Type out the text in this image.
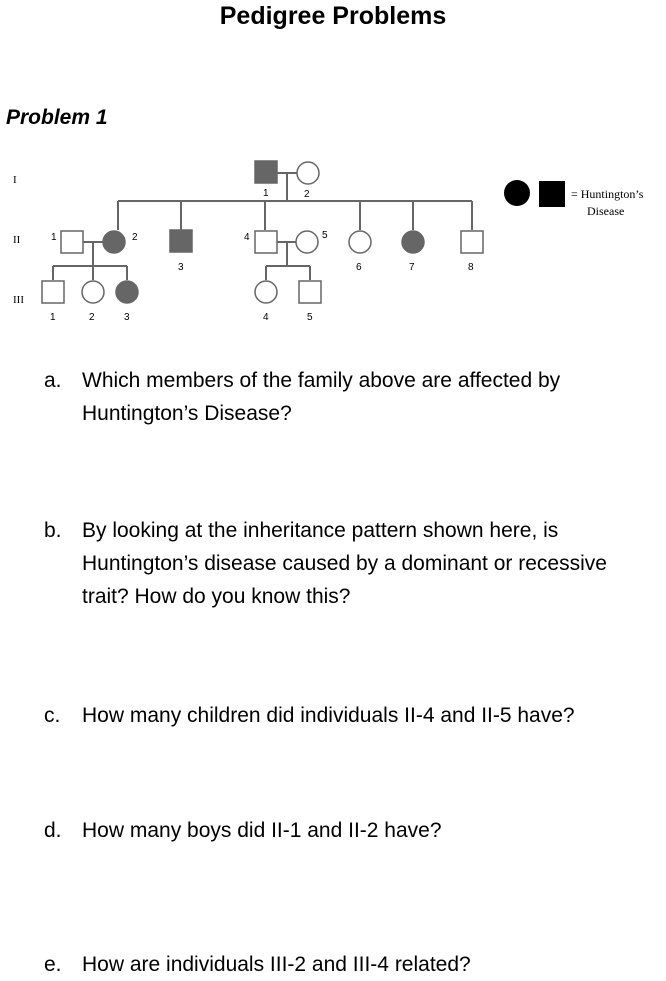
Pedigree Problems
Problem 1
I
II
III
1	2
1	2
3
4	5
6	7	8
1	2	3	4	5
= Huntington’s
Disease
a. Which members of the family above are affected by Huntington’s Disease?
b. By looking at the inheritance pattern shown here, is Huntington’s disease caused by a dominant or recessive trait? How do you know this?
c.	How many children did individuals II-4 and II-5 have?
d. How many boys did II-1 and II-2 have?
e. How are individuals III-2 and III-4 related?
